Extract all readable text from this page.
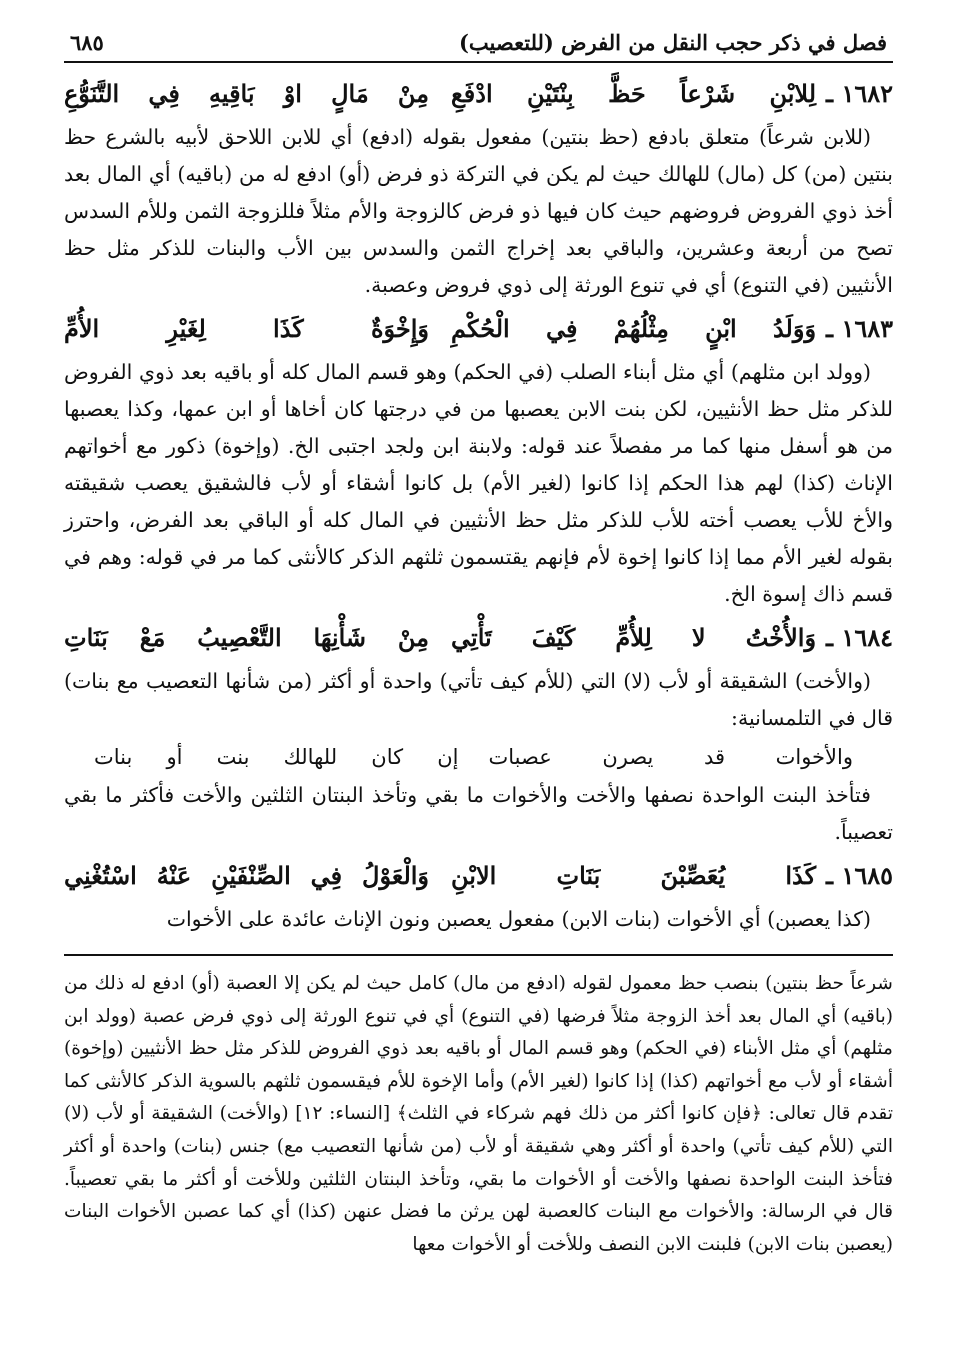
فصل في ذكر حجب النقل من الفرض (للتعصيب)
٦٨٥
١٦٨٢ ـ
لِلابْنِ شَرْعاً حَظَّ بِنْتَيْنِ ادْفَعِ
مِنْ مَالٍ اوْ بَاقِيهِ فِي التَّنَوُّعِ

(للابن شرعاً) متعلق بادفع (حظ بنتين) مفعول بقوله (ادفع) أي للابن اللاحق لأبيه بالشرع حظ بنتين (من) كل (مال) للهالك حيث لم يكن في التركة ذو فرض (أو) ادفع له من (باقيه) أي المال بعد أخذ ذوي الفروض فروضهم حيث كان فيها ذو فرض كالزوجة والأم مثلاً فللزوجة الثمن وللأم السدس تصح من أربعة وعشرين، والباقي بعد إخراج الثمن والسدس بين الأب والبنات للذكر مثل حظ الأنثيين (في التنوع) أي في تنوع الورثة إلى ذوي فروض وعصبة.

١٦٨٣ ـ
وَوَلَدُ ابْنٍ مِثْلُهُمْ فِي الْحُكْمِ
وَإِخْوَةٌ كَذَا لِغَيْرِ الأُمِّ

(وولد ابن مثلهم) أي مثل أبناء الصلب (في الحكم) وهو قسم المال كله أو باقيه بعد ذوي الفروض للذكر مثل حظ الأنثيين، لكن بنت الابن يعصبها من في درجتها كان أخاها أو ابن عمها، وكذا يعصبها من هو أسفل منها كما مر مفصلاً عند قوله: ولابنة ابن ولجد اجتبى الخ. (وإخوة) ذكور مع أخواتهم الإناث (كذا) لهم هذا الحكم إذا كانوا (لغير الأم) بل كانوا أشقاء أو لأب فالشقيق يعصب شقيقته والأخ للأب يعصب أخته للأب للذكر مثل حظ الأنثيين في المال كله أو الباقي بعد الفرض، واحترز بقوله لغير الأم مما إذا كانوا إخوة لأم فإنهم يقتسمون ثلثهم الذكر كالأنثى كما مر في قوله: وهم في قسم ذاك إسوة الخ.

١٦٨٤ ـ
وَالأُخْتُ لا لِلأُمِّ كَيْفَ تَأْتِي
مِنْ شَأْنِهَا التَّعْصِيبُ مَعْ بَنَاتِ

(والأخت) الشقيقة أو لأب (لا) التي (للأم كيف تأتي) واحدة أو أكثر (من شأنها التعصيب مع بنات) قال في التلمسانية:

والأخوات قد يصرن عصبات
إن كان للهالك بنت أو بنات

فتأخذ البنت الواحدة نصفها والأخت والأخوات ما بقي وتأخذ البنتان الثلثين والأخت فأكثر ما بقي تعصيباً.

١٦٨٥ ـ
كَذَا يُعَصِّبْنَ بَنَاتِ الابْنِ
وَالْعَوْلُ فِي الصِّنْفَيْنِ عَنْهُ اسْتُغْنِي

(كذا يعصبن) أي الأخوات (بنات الابن) مفعول يعصبن ونون الإناث عائدة على الأخوات

شرعاً حظ بنتين) بنصب حظ معمول لقوله (ادفع من مال) كامل حيث لم يكن إلا العصبة (أو) ادفع له ذلك من (باقيه) أي المال بعد أخذ الزوجة مثلاً فرضها (في التنوع) أي في تنوع الورثة إلى ذوي فرض عصبة (وولد ابن مثلهم) أي مثل الأبناء (في الحكم) وهو قسم المال أو باقيه بعد ذوي الفروض للذكر مثل حظ الأنثيين (وإخوة) أشقاء أو لأب مع أخواتهم (كذا) إذا كانوا (لغير الأم) وأما الإخوة للأم فيقسمون ثلثهم بالسوية الذكر كالأنثى كما تقدم قال تعالى: ﴿فإن كانوا أكثر من ذلك فهم شركاء في الثلث﴾ [النساء: ١٢] (والأخت) الشقيقة أو لأب (لا) التي (للأم كيف تأتي) واحدة أو أكثر وهي شقيقة أو لأب (من شأنها التعصيب مع) جنس (بنات) واحدة أو أكثر فتأخذ البنت الواحدة نصفها والأخت أو الأخوات ما بقي، وتأخذ البنتان الثلثين وللأخت أو أكثر ما بقي تعصيباً. قال في الرسالة: والأخوات مع البنات كالعصبة لهن يرثن ما فضل عنهن (كذا) أي كما عصبن الأخوات البنات (يعصبن بنات الابن) فلبنت الابن النصف وللأخت أو الأخوات معها
